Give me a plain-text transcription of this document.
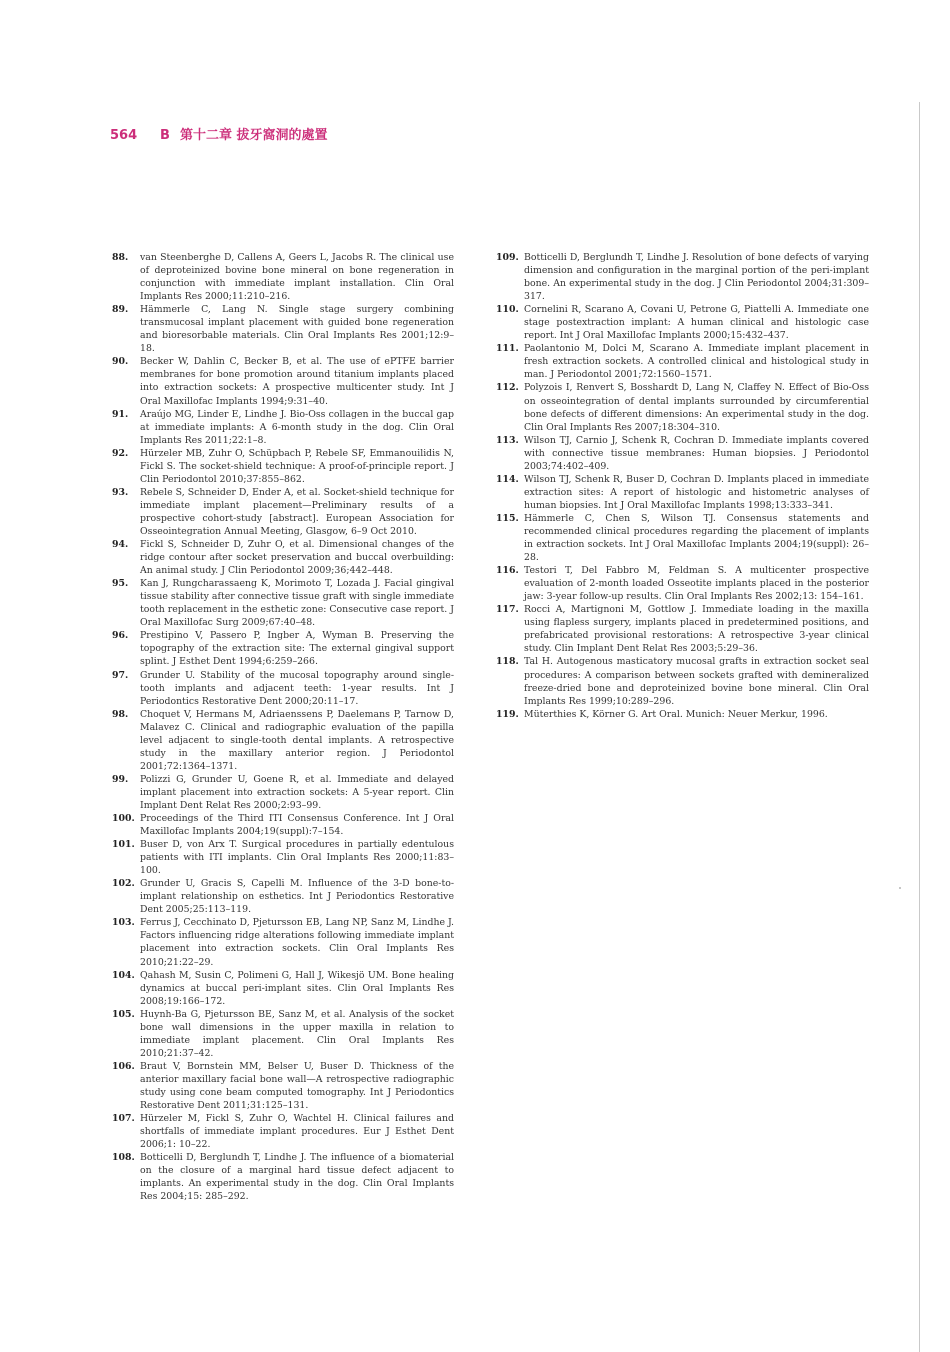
564 B 第十二章 拔牙窩洞的處置
88. van Steenberghe D, Callens A, Geers L, Jacobs R. The clinical use of deproteinized bovine bone mineral on bone regeneration in conjunction with immediate implant installation. Clin Oral Implants Res 2000;11:210–216.
89. Hämmerle C, Lang N. Single stage surgery combining transmucosal implant placement with guided bone regeneration and bioresorbable materials. Clin Oral Implants Res 2001;12:9–18.
90. Becker W, Dahlin C, Becker B, et al. The use of ePTFE barrier membranes for bone promotion around titanium implants placed into extraction sockets: A prospective multicenter study. Int J Oral Maxillofac Implants 1994;9:31–40.
91. Araújo MG, Linder E, Lindhe J. Bio-Oss collagen in the buccal gap at immediate implants: A 6-month study in the dog. Clin Oral Implants Res 2011;22:1–8.
92. Hürzeler MB, Zuhr O, Schüpbach P, Rebele SF, Emmanouilidis N, Fickl S. The socket-shield technique: A proof-of-principle report. J Clin Periodontol 2010;37:855–862.
93. Rebele S, Schneider D, Ender A, et al. Socket-shield technique for immediate implant placement—Preliminary results of a prospective cohort-study [abstract]. European Association for Osseointegration Annual Meeting, Glasgow, 6–9 Oct 2010.
94. Fickl S, Schneider D, Zuhr O, et al. Dimensional changes of the ridge contour after socket preservation and buccal overbuilding: An animal study. J Clin Periodontol 2009;36;442–448.
95. Kan J, Rungcharassaeng K, Morimoto T, Lozada J. Facial gingival tissue stability after connective tissue graft with single immediate tooth replacement in the esthetic zone: Consecutive case report. J Oral Maxillofac Surg 2009;67:40–48.
96. Prestipino V, Passero P, Ingber A, Wyman B. Preserving the topography of the extraction site: The external gingival support splint. J Esthet Dent 1994;6:259–266.
97. Grunder U. Stability of the mucosal topography around single-tooth implants and adjacent teeth: 1-year results. Int J Periodontics Restorative Dent 2000;20:11–17.
98. Choquet V, Hermans M, Adriaenssens P, Daelemans P, Tarnow D, Malavez C. Clinical and radiographic evaluation of the papilla level adjacent to single-tooth dental implants. A retrospective study in the maxillary anterior region. J Periodontol 2001;72:1364–1371.
99. Polizzi G, Grunder U, Goene R, et al. Immediate and delayed implant placement into extraction sockets: A 5-year report. Clin Implant Dent Relat Res 2000;2:93–99.
100. Proceedings of the Third ITI Consensus Conference. Int J Oral Maxillofac Implants 2004;19(suppl):7–154.
101. Buser D, von Arx T. Surgical procedures in partially edentulous patients with ITI implants. Clin Oral Implants Res 2000;11:83–100.
102. Grunder U, Gracis S, Capelli M. Influence of the 3-D bone-to-implant relationship on esthetics. Int J Periodontics Restorative Dent 2005;25:113–119.
103. Ferrus J, Cecchinato D, Pjetursson EB, Lang NP, Sanz M, Lindhe J. Factors influencing ridge alterations following immediate implant placement into extraction sockets. Clin Oral Implants Res 2010;21:22–29.
104. Qahash M, Susin C, Polimeni G, Hall J, Wikesjö UM. Bone healing dynamics at buccal peri-implant sites. Clin Oral Implants Res 2008;19:166–172.
105. Huynh-Ba G, Pjetursson BE, Sanz M, et al. Analysis of the socket bone wall dimensions in the upper maxilla in relation to immediate implant placement. Clin Oral Implants Res 2010;21:37–42.
106. Braut V, Bornstein MM, Belser U, Buser D. Thickness of the anterior maxillary facial bone wall—A retrospective radiographic study using cone beam computed tomography. Int J Periodontics Restorative Dent 2011;31:125–131.
107. Hürzeler M, Fickl S, Zuhr O, Wachtel H. Clinical failures and shortfalls of immediate implant procedures. Eur J Esthet Dent 2006;1: 10–22.
108. Botticelli D, Berglundh T, Lindhe J. The influence of a biomaterial on the closure of a marginal hard tissue defect adjacent to implants. An experimental study in the dog. Clin Oral Implants Res 2004;15: 285–292.
109. Botticelli D, Berglundh T, Lindhe J. Resolution of bone defects of varying dimension and configuration in the marginal portion of the peri-implant bone. An experimental study in the dog. J Clin Periodontol 2004;31:309–317.
110. Cornelini R, Scarano A, Covani U, Petrone G, Piattelli A. Immediate one stage postextraction implant: A human clinical and histologic case report. Int J Oral Maxillofac Implants 2000;15:432–437.
111. Paolantonio M, Dolci M, Scarano A. Immediate implant placement in fresh extraction sockets. A controlled clinical and histological study in man. J Periodontol 2001;72:1560–1571.
112. Polyzois I, Renvert S, Bosshardt D, Lang N, Claffey N. Effect of Bio-Oss on osseointegration of dental implants surrounded by circumferential bone defects of different dimensions: An experimental study in the dog. Clin Oral Implants Res 2007;18:304–310.
113. Wilson TJ, Carnio J, Schenk R, Cochran D. Immediate implants covered with connective tissue membranes: Human biopsies. J Periodontol 2003;74:402–409.
114. Wilson TJ, Schenk R, Buser D, Cochran D. Implants placed in immediate extraction sites: A report of histologic and histometric analyses of human biopsies. Int J Oral Maxillofac Implants 1998;13:333–341.
115. Hämmerle C, Chen S, Wilson TJ. Consensus statements and recommended clinical procedures regarding the placement of implants in extraction sockets. Int J Oral Maxillofac Implants 2004;19(suppl): 26–28.
116. Testori T, Del Fabbro M, Feldman S. A multicenter prospective evaluation of 2-month loaded Osseotite implants placed in the posterior jaw: 3-year follow-up results. Clin Oral Implants Res 2002;13: 154–161.
117. Rocci A, Martignoni M, Gottlow J. Immediate loading in the maxilla using flapless surgery, implants placed in predetermined positions, and prefabricated provisional restorations: A retrospective 3-year clinical study. Clin Implant Dent Relat Res 2003;5:29–36.
118. Tal H. Autogenous masticatory mucosal grafts in extraction socket seal procedures: A comparison between sockets grafted with demineralized freeze-dried bone and deproteinized bovine bone mineral. Clin Oral Implants Res 1999;10:289–296.
119. Müterthies K, Körner G. Art Oral. Munich: Neuer Merkur, 1996.
